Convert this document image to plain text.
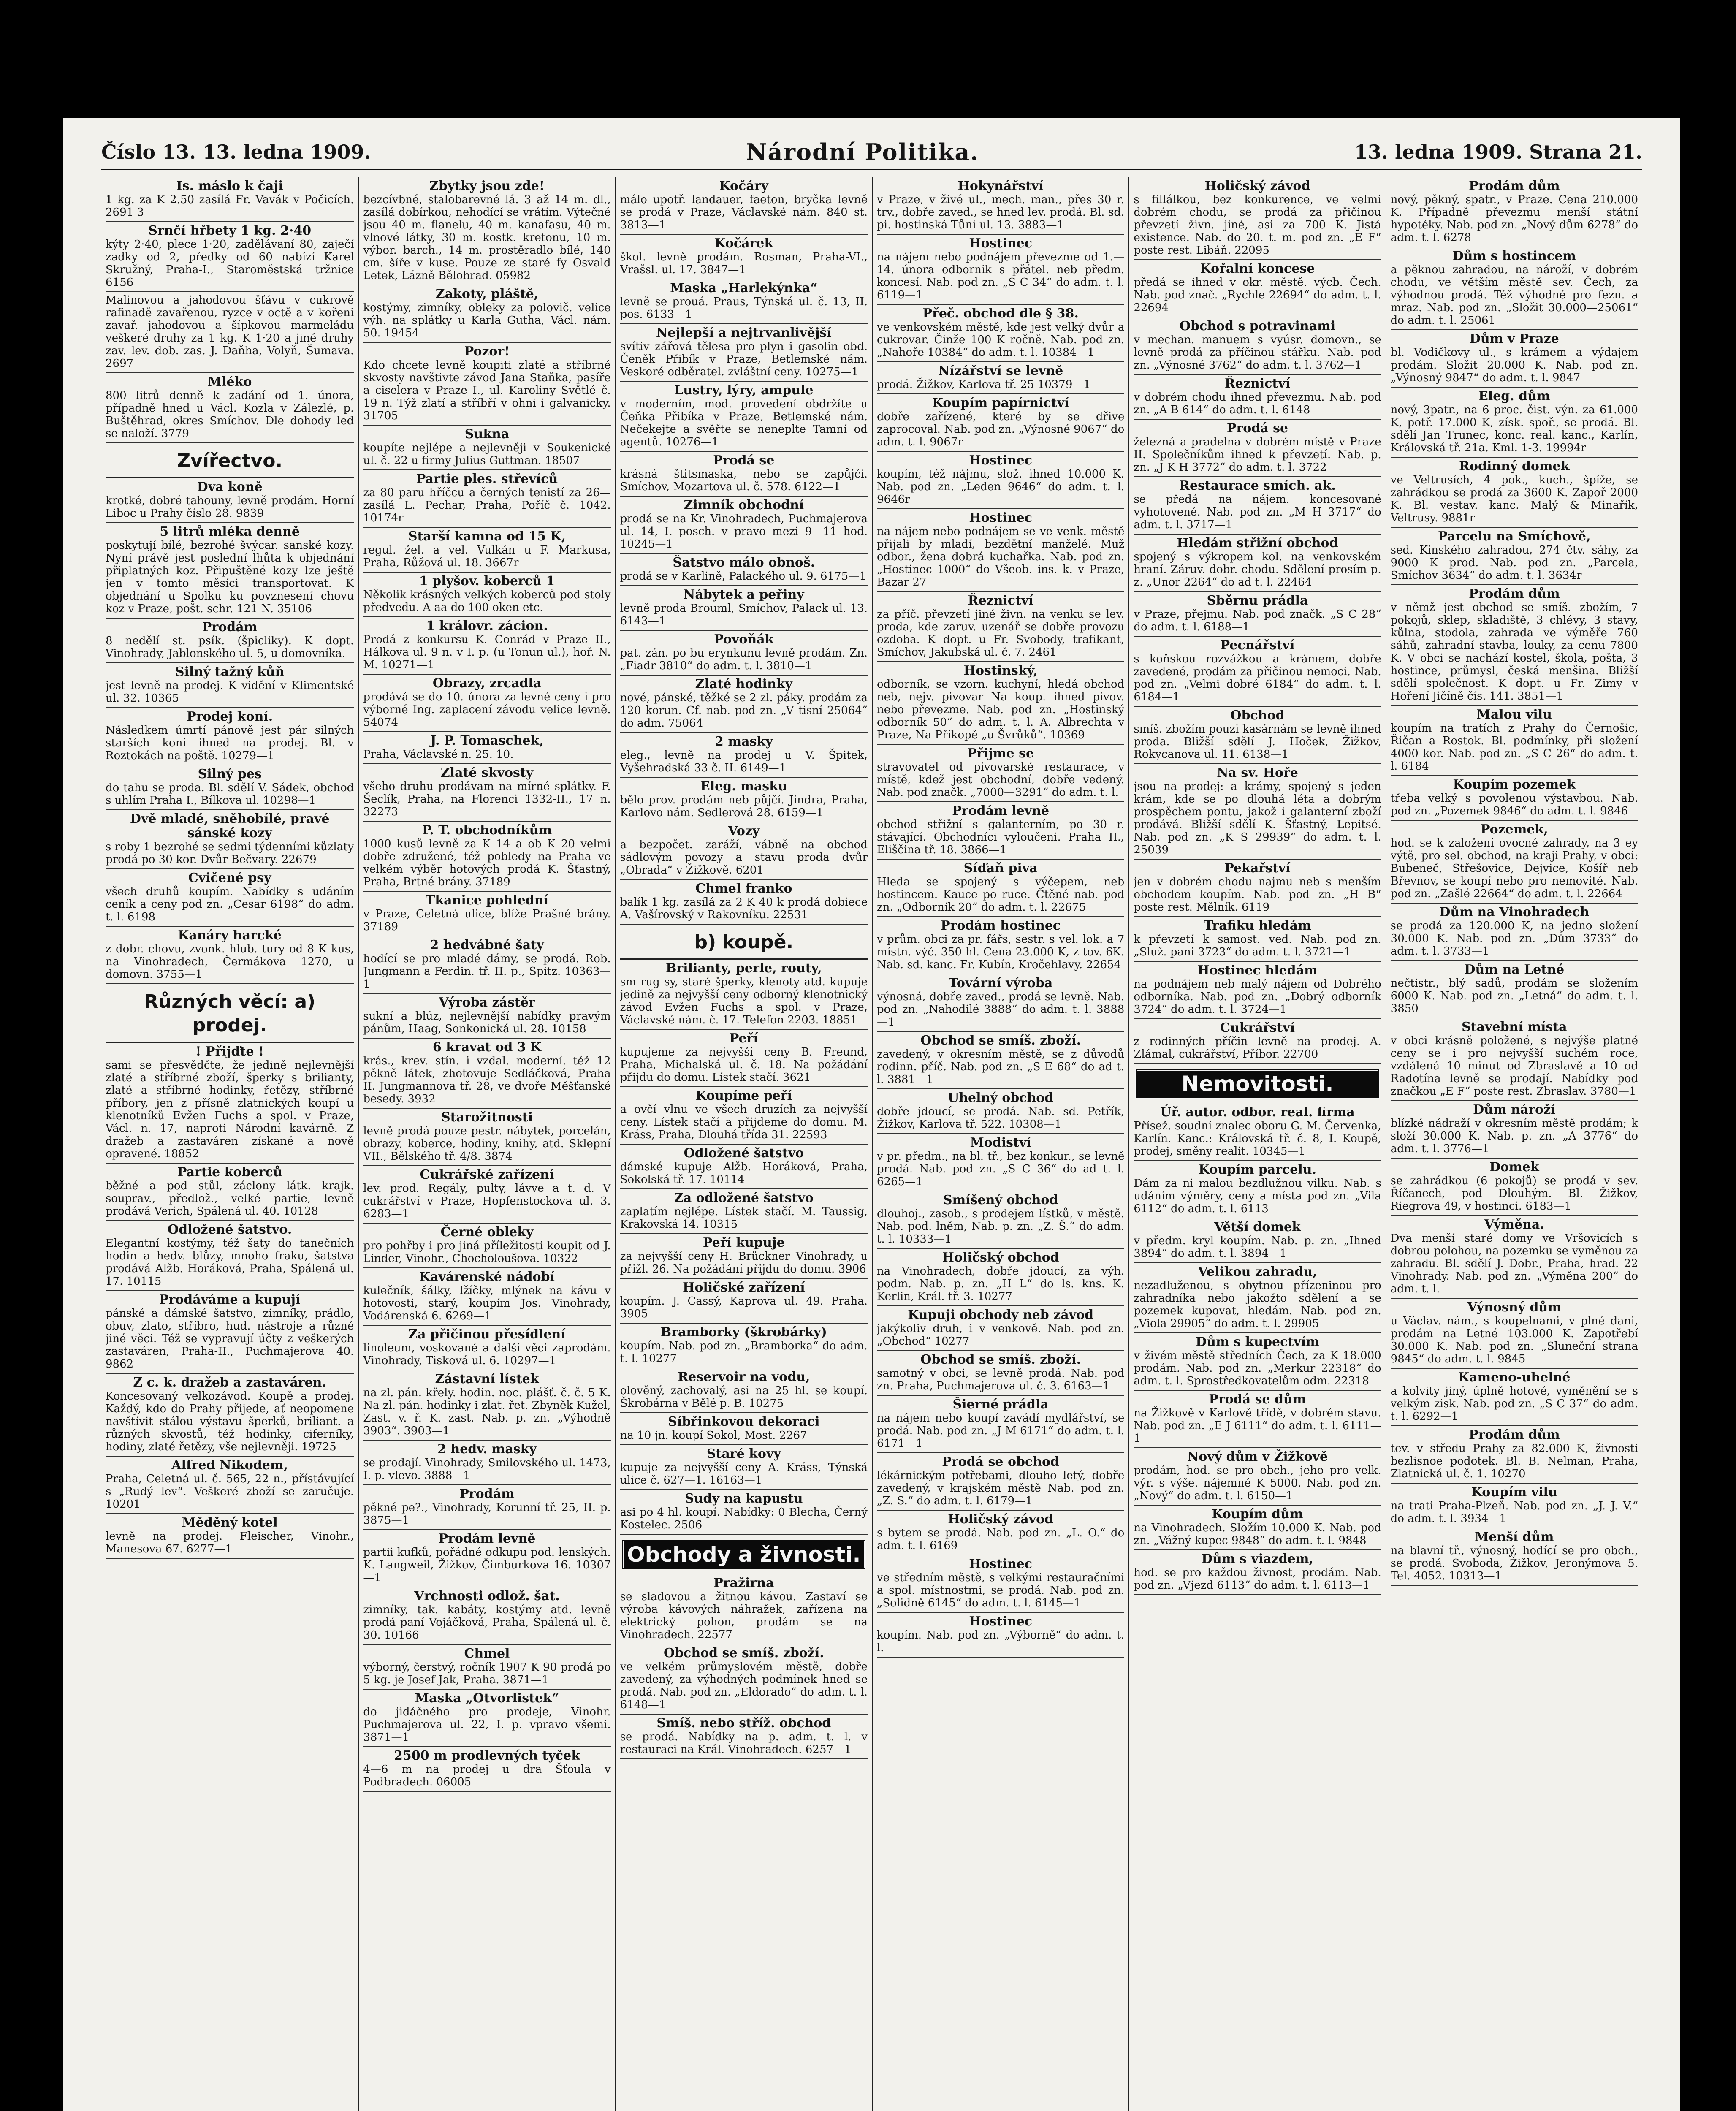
Číslo 13. 13. ledna 1909.	Národní Politika.	13. ledna 1909. Strana 21.
Is. máslo k čaji
1 kg. za K 2.50 zasílá Fr. Vavák v Počicích. 2691 3
Srnčí hřbety 1 kg. 2·40
kýty 2·40, plece 1·20, zadělávaní 80, zaječí zadky od 2, předky od 60 nabízí Karel Skružný, Praha-I., Staroměstská tržnice 6156
Malinovou a jahodovou šťávu v cukrově rafinadě zavařenou, ryzce v octě a v kořeni zavař. jahodovou a šípkovou marmeládu veškeré druhy za 1 kg. K 1·20 a jiné druhy zav. lev. dob. zas. J. Daňha, Volyň, Šumava. 2697
Mléko
800 litrů denně k zadání od 1. února, případně hned u Václ. Kozla v Zálezlé, p. Buštěhrad, okres Smíchov. Dle dohody led se naloží. 3779
Zvířectvo.
Dva koně
krotké, dobré tahouny, levně prodám. Horní Liboc u Prahy číslo 28. 9839
5 litrů mléka denně
poskytují bílé, bezrohé švýcar. sanské kozy. Nyní právě jest poslední lhůta k objednání připlatných koz. Připuštěné kozy lze ještě jen v tomto měsíci transportovat. K objednání u Spolku ku povznesení chovu koz v Praze, pošt. schr. 121 N. 35106
Prodám
8 nedělí st. psík. (špicliky). K dopt. Vinohrady, Jablonského ul. 5, u domovníka.
Silný tažný kůň
jest levně na prodej. K vidění v Klimentské ul. 32. 10365
Prodej koní.
Následkem úmrtí pánově jest pár silných starších koní ihned na prodej. Bl. v Roztokách na poště. 10279—1
Silný pes
do tahu se proda. Bl. sdělí V. Sádek, obchod s uhlím Praha I., Bílkova ul. 10298—1
Dvě mladé, sněhobílé, pravé sánské kozy
s roby 1 bezrohé se sedmi týdenními kůzlaty prodá po 30 kor. Dvůr Bečvary. 22679
Cvičené psy
všech druhů koupím. Nabídky s udáním ceník a ceny pod zn. „Cesar 6198“ do adm. t. l. 6198
Kanáry harcké
z dobr. chovu, zvonk. hlub. tury od 8 K kus, na Vinohradech, Čermákova 1270, u domovn. 3755—1
Různých věcí: a) prodej.
! Přijďte !
sami se přesvědčte, že jedině nejlevnější zlaté a stříbrné zboží, šperky s brilianty, zlaté a stříbrné hodinky, řetězy, stříbrné příbory, jen z přísně zlatnických koupí u klenotníků Evžen Fuchs a spol. v Praze, Václ. n. 17, naproti Národní kavárně. Z dražeb a zastaváren získané a nově opravené. 18852
Partie koberců
běžné a pod stůl, záclony látk. krajk. souprav., předlož., velké partie, levně prodává Verich, Spálená ul. 40. 10128
Odložené šatstvo.
Elegantní kostýmy, též šaty do tanečních hodin a hedv. blůzy, mnoho fraku, šatstva prodává Alžb. Horáková, Praha, Spálená ul. 17. 10115
Prodáváme a kupují
pánské a dámské šatstvo, zimníky, prádlo, obuv, zlato, stříbro, hud. nástroje a různé jiné věci. Též se vypravují účty z veškerých zastaváren, Praha-II., Puchmajerova 40. 9862
Z c. k. dražeb a zastaváren.
Koncesovaný velkozávod. Koupě a prodej. Každý, kdo do Prahy přijede, ať neopomene navštívit stálou výstavu šperků, briliant. a různých skvostů, též hodinky, ciferníky, hodiny, zlaté řetězy, vše nejlevněji. 19725
Alfred Nikodem,
Praha, Celetná ul. č. 565, 22 n., přístávující s „Rudý lev“. Veškeré zboží se zaručuje. 10201
Měděný kotel
levně na prodej. Fleischer, Vinohr., Manesova 67. 6277—1
Zbytky jsou zde!
bezcívbné, stalobarevné lá. 3 až 14 m. dl., zasílá dobírkou, nehodící se vrátím. Výtečné jsou 40 m. flanelu, 40 m. kanafasu, 40 m. vlnové látky, 30 m. kostk. kretonu, 10 m. výbor. barch., 14 m. prostěradlo bílé, 140 cm. šíře v kuse. Pouze ze staré fy Osvald Letek, Lázně Bělohrad. 05982
Zakoty, pláště,
kostýmy, zimníky, obleky za polovič. velice výh. na splátky u Karla Gutha, Václ. nám. 50. 19454
Pozor!
Kdo chcete levně koupiti zlaté a stříbrné skvosty navštivte závod Jana Staňka, pasíře a ciselera v Praze I., ul. Karoliny Světlé č. 19 n. Týž zlatí a stříbří v ohni i galvanicky. 31705
Sukna
koupíte nejlépe a nejlevněji v Soukenické ul. č. 22 u firmy Julius Guttman. 18507
Partie ples. střevíců
za 80 paru hříčcu a černých tenistí za 26— zasílá L. Pechar, Praha, Poříč č. 1042. 10174r
Starší kamna od 15 K,
regul. žel. a vel. Vulkán u F. Markusa, Praha, Růžová ul. 18. 3667r
1 plyšov. koberců 1
Několik krásných velkých koberců pod stoly předvedu. A aa do 100 oken etc.
1 královr. zácion.
Prodá z konkursu K. Conrád v Praze II., Hálkova ul. 9 n. v I. p. (u Tonun ul.), hoř. N. M. 10271—1
Obrazy, zrcadla
prodává se do 10. února za levné ceny i pro výborné Ing. zaplacení závodu velice levně. 54074
J. P. Tomaschek,
Praha, Václavské n. 25. 10.
Zlaté skvosty
všeho druhu prodávam na mírné splátky. F. Šeclík, Praha, na Florenci 1332-II., 17 n. 32273
P. T. obchodníkům
1000 kusů levně za K 14 a ob K 20 velmi dobře združené, též pobledy na Praha ve velkém výběr hotových prodá K. Šťastný, Praha, Brtné brány. 37189
Tkanice pohlední
v Praze, Celetná ulice, blíže Prašné brány. 37189
2 hedvábné šaty
hodící se pro mladé dámy, se prodá. Rob. Jungmann a Ferdin. tř. II. p., Spitz. 10363—1
Výroba zástěr
sukní a blúz, nejlevnější nabídky pravým pánům, Haag, Sonkonická ul. 28. 10158
6 kravat od 3 K
krás., krev. stín. i vzdal. moderní. též 12 pěkně látek, zhotovuje Sedláčková, Praha II. Jungmannova tř. 28, ve dvoře Měšťanské besedy. 3932
Starožitnosti
levně prodá pouze pestr. nábytek, porcelán, obrazy, koberce, hodiny, knihy, atd. Sklepní VII., Bělského tř. 4/8. 3874
Cukrářské zařízení
lev. prod. Regály, pulty, lávve a t. d. V cukrářství v Praze, Hopfenstockova ul. 3. 6283—1
Černé obleky
pro pohřby i pro jiná příležitosti koupit od J. Linder, Vinohr., Chocholoušova. 10322
Kavárenské nádobí
kulečník, šálky, lžíčky, mlýnek na kávu v hotovosti, starý, koupím Jos. Vinohrady, Vodárenská 6. 6269—1
Za přičinou přesídlení
linoleum, voskované a další věci zaprodám. Vinohrady, Tisková ul. 6. 10297—1
Zástavní lístek
na zl. pán. křely. hodin. noc. plášť. č. č. 5 K. Na zl. pán. hodinky i zlat. řet. Zbyněk Kužel, Zast. v. ř. K. zast. Nab. p. zn. „Výhodně 3903“. 3903—1
2 hedv. masky
se prodají. Vinohrady, Smilovského ul. 1473, I. p. vlevo. 3888—1
Prodám
pěkné pe?., Vinohrady, Korunní tř. 25, II. p. 3875—1
Prodám levně
partii kufků, pořádné odkupu pod. lenských. K. Langweil, Žižkov, Čimburkova 16. 10307—1
Vrchnosti odlož. šat.
zimníky, tak. kabáty, kostýmy atd. levně prodá paní Vojáčková, Praha, Spálená ul. č. 30. 10166
Chmel
výborný, čerstvý, ročník 1907 K 90 prodá po 5 kg. je Josef Jak, Praha. 3871—1
Maska „Otvorlistek“
do jidáčného pro prodeje, Vinohr. Puchmajerova ul. 22, I. p. vpravo všemi. 3871—1
2500 m prodlevných tyček
4—6 m na prodej u dra Šťoula v Podbradech. 06005
Kočáry
málo upotř. landauer, faeton, bryčka levně se prodá v Praze, Václavské nám. 840 st. 3813—1
Kočárek
škol. levně prodám. Rosman, Praha-VI., Vrašsl. ul. 17. 3847—1
Maska „Harlekýnka“
levně se prouá. Praus, Týnská ul. č. 13, II. pos. 6133—1
Nejlepší a nejtrvanlivější
svítiv zářová tělesa pro plyn i gasolin obd. Čeněk Přibík v Praze, Betlemské nám. Veskoré odběratel. zvláštní ceny. 10275—1
Lustry, lýry, ampule
v moderním, mod. provedení obdržíte u Čeňka Přibíka v Praze, Betlemské nám. Nečekejte a svěřte se neneplte Tamní od agentů. 10276—1
Prodá se
krásná štitsmaska, nebo se zapůjčí. Smíchov, Mozartova ul. č. 578. 6122—1
Zimník obchodní
prodá se na Kr. Vinohradech, Puchmajerova ul. 14, I. posch. v pravo mezi 9—11 hod. 10245—1
Šatstvo málo obnoš.
prodá se v Karlině, Palackého ul. 9. 6175—1
Nábytek a peřiny
levně proda Brouml, Smíchov, Palack ul. 13. 6143—1
Povoňák
pat. zán. po bu erynkunu levně prodám. Zn. „Fiadr 3810“ do adm. t. l. 3810—1
Zlaté hodinky
nové, pánské, těžké se 2 zl. páky. prodám za 120 korun. Cf. nab. pod zn. „V tisní 25064“ do adm. 75064
2 masky
eleg., levně na prodej u V. Špitek, Vyšehradská 33 č. II. 6149—1
Eleg. masku
bělo prov. prodám neb půjčí. Jindra, Praha, Karlovo nám. Sedlerová 28. 6159—1
Vozy
a bezpočet. zaráží, vábně na obchod sádlovým povozy a stavu proda dvůr „Obrada“ v Žižkově. 6201
Chmel franko
balík 1 kg. zasílá za 2 K 40 k prodá dobiece A. Vašírovský v Rakovníku. 22531
b) koupě.
Brilianty, perle, routy,
sm rug sy, staré šperky, klenoty atd. kupuje jedině za nejvyšší ceny odborný klenotnický závod Evžen Fuchs a spol. v Praze, Václavské nám. č. 17. Telefon 2203. 18851
Peří
kupujeme za nejvyšší ceny B. Freund, Praha, Michalská ul. č. 18. Na požádání přijdu do domu. Lístek stačí. 3621
Koupíme peří
a ovčí vlnu ve všech druzích za nejvyšší ceny. Lístek stačí a přijdeme do domu. M. Kráss, Praha, Dlouhá třída 31. 22593
Odložené šatstvo
dámské kupuje Alžb. Horáková, Praha, Sokolská tř. 17. 10114
Za odložené šatstvo
zaplatím nejlépe. Lístek stačí. M. Taussig, Krakovská 14. 10315
Peří kupuje
za nejvyšší ceny H. Brückner Vinohrady, u přižl. 26. Na požádání přijdu do domu. 3906
Holičské zařízení
koupím. J. Cassý, Kaprova ul. 49. Praha. 3905
Bramborky (škrobárky)
koupím. Nab. pod zn. „Bramborka“ do adm. t. l. 10277
Reservoir na vodu,
olověný, zachovalý, asi na 25 hl. se koupí. Škrobárna v Bělé p. B. 10275
Síbřinkovou dekoraci
na 10 jn. koupí Sokol, Most. 2267
Staré kovy
kupuje za nejvyšší ceny A. Kráss, Týnská ulice č. 627—1. 16163—1
Sudy na kapustu
asi po 4 hl. koupí. Nabídky: 0 Blecha, Černý Kostelec. 2506
Obchody a živnosti.
Pražirna
se sladovou a žitnou kávou. Zastaví se výroba kávových náhražek, zařízena na elektrický pohon, prodám se na Vinohradech. 22577
Obchod se smíš. zboží.
ve velkém průmyslovém městě, dobře zavedený, za výhodných podmínek hned se prodá. Nab. pod zn. „Eldorado“ do adm. t. l. 6148—1
Smíš. nebo stříž. obchod
se prodá. Nabídky na p. adm. t. l. v restauraci na Král. Vinohradech. 6257—1
Hokynářství
v Praze, v živé ul., mech. man., přes 30 r. trv., dobře zaved., se hned lev. prodá. Bl. sd. pi. hostinská Tůni ul. 13. 3883—1
Hostinec
na nájem nebo podnájem převezme od 1.—14. února odbornik s přátel. neb předm. koncesí. Nab. pod zn. „S C 34“ do adm. t. l. 6119—1
Přeč. obchod dle § 38.
ve venkovském městě, kde jest velký dvůr a cukrovar. Činže 100 K ročně. Nab. pod zn. „Nahoře 10384“ do adm. t. l. 10384—1
Nízářství se levně
prodá. Žižkov, Karlova tř. 25 10379—1
Koupím papírnictví
dobře zařízené, které by se dřive zaprocoval. Nab. pod zn. „Výnosné 9067“ do adm. t. l. 9067r
Hostinec
koupím, též nájmu, slož. ihned 10.000 K. Nab. pod zn. „Leden 9646“ do adm. t. l. 9646r
Hostinec
na nájem nebo podnájem se ve venk. městě přijali by mladí, bezdětní manželé. Muž odbor., žena dobrá kuchařka. Nab. pod zn. „Hostinec 1000“ do Všeob. ins. k. v Praze, Bazar 27
Řeznictví
za příč. převzetí jiné živn. na venku se lev. proda, kde zaruv. uzenář se dobře provozu ozdoba. K dopt. u Fr. Svobody, trafikant, Smíchov, Jakubská ul. č. 7. 2461
Hostinský,
odborník, se vzorn. kuchyní, hledá obchod neb, nejv. pivovar Na koup. ihned pivov. nebo převezme. Nab. pod zn. „Hostinský odborník 50“ do adm. t. l. A. Albrechta v Praze, Na Příkopě „u Švrůků“. 10369
Přijme se
stravovatel od pivovarské restaurace, v místě, kdež jest obchodní, dobře vedený. Nab. pod značk. „7000—3291“ do adm. t. l.
Prodám levně
obchod střižní s galanterním, po 30 r. stávající. Obchodníci vyloučeni. Praha II., Eliščina tř. 18. 3866—1
Síďaň piva
Hleda se spojený s výčepem, neb hostincem. Kauce po ruce. Čtěné nab. pod zn. „Odborník 20“ do adm. t. l. 22675
Prodám hostinec
v prům. obci za pr. fářs, sestr. s vel. lok. a 7 místn. výč. 350 hl. Cena 23.000 K, z tov. 6K. Nab. sd. kanc. Fr. Kubín, Kročehlavy. 22654
Tovární výroba
výnosná, dobře zaved., prodá se levně. Nab. pod zn. „Nahodilé 3888“ do adm. t. l. 3888—1
Obchod se smíš. zboží.
zavedený, v okresním městě, se z důvodů rodinn. příč. Nab. pod zn. „S E 68“ do ad t. l. 3881—1
Uhelný obchod
dobře jdoucí, se prodá. Nab. sd. Petřík, Žižkov, Karlova tř. 522. 10308—1
Modiství
v pr. předm., na bl. tř., bez konkur., se levně prodá. Nab. pod zn. „S C 36“ do ad t. l. 6265—1
Smíšený obchod
dlouhoj., zasob., s prodejem lístků, v městě. Nab. pod. lněm, Nab. p. zn. „Z. Š.“ do adm. t. l. 10333—1
Holičský obchod
na Vinohradech, dobře jdoucí, za výh. podm. Nab. p. zn. „H L“ do ls. kns. K. Kerlin, Král. tř. 3. 10277
Kupuji obchody neb závod
jakýkoliv druh, i v venkově. Nab. pod zn. „Obchod“ 10277
Obchod se smíš. zboží.
samotný v obci, se levně prodá. Nab. pod zn. Praha, Puchmajerova ul. č. 3. 6163—1
Šierné prádla
na nájem nebo koupí zavádí mydlářství, se prodá. Nab. pod zn. „J M 6171“ do adm. t. l. 6171—1
Prodá se obchod
lékárnickým potřebami, dlouho letý, dobře zavedený, v krajském městě Nab. pod zn. „Z. S.“ do adm. t. l. 6179—1
Holičský závod
s bytem se prodá. Nab. pod zn. „L. O.“ do adm. t. l. 6169
Hostinec
ve středním městě, s velkými restauračními a spol. místnostmi, se prodá. Nab. pod zn. „Solidně 6145“ do adm. t. l. 6145—1
Hostinec
koupím. Nab. pod zn. „Výborně“ do adm. t. l.
Holičský závod
s fillálkou, bez konkurence, ve velmi dobrém chodu, se prodá za přičinou převzetí živn. jiné, asi za 700 K. Jistá existence. Nab. do 20. t. m. pod zn. „E F“ poste rest. Libáň. 22095
Kořalní koncese
předá se ihned v okr. městě. výcb. Čech. Nab. pod znač. „Rychle 22694“ do adm. t. l. 22694
Obchod s potravinami
v mechan. manuem s vyúsr. domovn., se levně prodá za příčinou stářku. Nab. pod zn. „Výnosné 3762“ do adm. t. l. 3762—1
Řeznictví
v dobrém chodu ihned převezmu. Nab. pod zn. „A B 614“ do adm. t. l. 6148
Prodá se
železná a pradelna v dobrém místě v Praze II. Společníkům ihned k převzetí. Nab. p. zn. „J K H 3772“ do adm. t. l. 3722
Restaurace smích. ak.
se předá na nájem. koncesované vyhotovené. Nab. pod zn. „M H 3717“ do adm. t. l. 3717—1
Hledám střižní obchod
spojený s výkropem kol. na venkovském hraní. Záruv. dobr. chodu. Sdělení prosím p. z. „Unor 2264“ do ad t. l. 22464
Sběrnu prádla
v Praze, přejmu. Nab. pod značk. „S C 28“ do adm. t. l. 6188—1
Pecnářství
s koňskou rozvážkou a krámem, dobře zavedené, prodám za přičinou nemoci. Nab. pod zn. „Velmi dobré 6184“ do adm. t. l. 6184—1
Obchod
smíš. zbožím pouzi kasárnám se levně ihned proda. Bližší sdělí J. Hoček, Žižkov, Rokycanova ul. 11. 6138—1
Na sv. Hoře
jsou na prodej: a krámy, spojený s jeden krám, kde se po dlouhá léta a dobrým prospěchem pontu, jakož i galanterní zboží prodává. Bližší sdělí K. Šťastný, Lepitsé. Nab. pod zn. „K S 29939“ do adm. t. l. 25039
Pekařství
jen v dobrém chodu najmu neb s menším obchodem koupím. Nab. pod zn. „H B“ poste rest. Mělník. 6119
Trafiku hledám
k převzetí k samost. ved. Nab. pod zn. „Služ. pani 3723“ do adm. t. l. 3721—1
Hostinec hledám
na podnájem neb malý nájem od Dobrého odborníka. Nab. pod zn. „Dobrý odborník 3724“ do adm. t. l. 3724—1
Cukrářství
z rodinných příčin levně na prodej. A. Zlámal, cukrářství, Příbor. 22700
Nemovitosti.
Úř. autor. odbor. real. firma
Přísež. soudní znalec oboru G. M. Červenka, Karlín. Kanc.: Královská tř. č. 8, I. Koupě, prodej, směny realit. 10345—1
Koupím parcelu.
Dám za ni malou bezdlužnou vilku. Nab. s udáním výměry, ceny a místa pod zn. „Vila 6112“ do adm. t. l. 6113
Větší domek
v předm. kryl koupím. Nab. p. zn. „Ihned 3894“ do adm. t. l. 3894—1
Velikou zahradu,
nezadluženou, s obytnou přízeninou pro zahradníka nebo jakožto sdělení a se pozemek kupovat, hledám. Nab. pod zn. „Viola 29905“ do adm. t. l. 29905
Dům s kupectvím
v živém městě středních Čech, za K 18.000 prodám. Nab. pod zn. „Merkur 22318“ do adm. t. l. Sprostředkovatelům odm. 22318
Prodá se dům
na Žižkově v Karlově třídě, v dobrém stavu. Nab. pod zn. „E J 6111“ do adm. t. l. 6111—1
Nový dům v Žižkově
prodám, hod. se pro obch., jeho pro velk. výr. s výše. nájemné K 5000. Nab. pod zn. „Nový“ do adm. t. l. 6150—1
Koupím dům
na Vinohradech. Složím 10.000 K. Nab. pod zn. „Vážný kupec 9848“ do adm. t. l. 9848
Dům s viazdem,
hod. se pro každou živnost, prodám. Nab. pod zn. „Vjezd 6113“ do adm. t. l. 6113—1
Prodám dům
nový, pěkný, spatr., v Praze. Cena 210.000 K. Případně převezmu menší státní hypotéky. Nab. pod zn. „Nový dům 6278“ do adm. t. l. 6278
Dům s hostincem
a pěknou zahradou, na nároží, v dobrém chodu, ve větším městě sev. Čech, za výhodnou prodá. Též výhodné pro fezn. a mraz. Nab. pod zn. „Složit 30.000—25061“ do adm. t. l. 25061
Dům v Praze
bl. Vodičkovy ul., s krámem a výdajem prodám. Složit 20.000 K. Nab. pod zn. „Výnosný 9847“ do adm. t. l. 9847
Eleg. dům
nový, 3patr., na 6 proc. čist. výn. za 61.000 K, potř. 17.000 K, získ. spoř., se prodá. Bl. sdělí Jan Trunec, konc. real. kanc., Karlín, Královská tř. 21a. Kml. 1-3. 19994r
Rodinný domek
ve Veltrusích, 4 pok., kuch., špíže, se zahrádkou se prodá za 3600 K. Zapoř 2000 K. Bl. vestav. kanc. Malý & Minařík, Veltrusy. 9881r
Parcelu na Smíchově,
sed. Kinského zahradou, 274 čtv. sáhy, za 9000 K prod. Nab. pod zn. „Parcela, Smíchov 3634“ do adm. t. l. 3634r
Prodám dům
v němž jest obchod se smíš. zbožím, 7 pokojů, sklep, skladiště, 3 chlévy, 3 stavy, kůlna, stodola, zahrada ve výměře 760 sáhů, zahradní stavba, louky, za cenu 7800 K. V obci se nachází kostel, škola, pošta, 3 hostince, průmysl, česká menšina. Bližší sdělí společnost. K dopt. u Fr. Zimy v Hoření Jičíně čís. 141. 3851—1
Malou vilu
koupím na tratích z Prahy do Černošic, Řičan a Rostok. Bl. podmínky, při složení 4000 kor. Nab. pod zn. „S C 26“ do adm. t. l. 6184
Koupím pozemek
třeba velký s povolenou výstavbou. Nab. pod zn. „Pozemek 9846“ do adm. t. l. 9846
Pozemek,
hod. se k založení ovocné zahrady, na 3 ey výtě, pro sel. obchod, na kraji Prahy, v obci: Bubeneč, Střešovice, Dejvice, Košíř neb Břevnov, se koupí nebo pro nemovité. Nab. pod zn. „Zašlé 22664“ do adm. t. l. 22664
Dům na Vinohradech
se prodá za 120.000 K, na jedno složení 30.000 K. Nab. pod zn. „Dům 3733“ do adm. t. l. 3733—1
Dům na Letné
nečtistr., blý sadů, prodám se složením 6000 K. Nab. pod zn. „Letná“ do adm. t. l. 3850
Stavební místa
v obci krásně položené, s nejvýše platné ceny se i pro nejvyšší suchém roce, vzdálená 10 minut od Zbraslavě a 10 od Radotína levně se prodají. Nabídky pod značkou „E F“ poste rest. Zbraslav. 3780—1
Dům nároží
blízké nádraží v okresním městě prodám; k složí 30.000 K. Nab. p. zn. „A 3776“ do adm. t. l. 3776—1
Domek
se zahrádkou (6 pokojů) se prodá v sev. Říčanech, pod Dlouhým. Bl. Žižkov, Riegrova 49, v hostinci. 6183—1
Výměna.
Dva menší staré domy ve Vršovicích s dobrou polohou, na pozemku se vyměnou za zahradu. Bl. sdělí J. Dobr., Praha, hrad. 22 Vinohrady. Nab. pod zn. „Výměna 200“ do adm. t. l.
Výnosný dům
u Václav. nám., s koupelnami, v plné dani, prodám na Letné 103.000 K. Zapotřebí 30.000 K. Nab. pod zn. „Sluneční strana 9845“ do adm. t. l. 9845
Kameno-uhelné
a kolvity jiný, úplně hotové, vyměnění se s velkým zisk. Nab. pod zn. „S C 37“ do adm. t. l. 6292—1
Prodám dům
tev. v středu Prahy za 82.000 K, živnosti bezlisnoe podotek. Bl. B. Nelman, Praha, Zlatnická ul. č. 1. 10270
Koupím vilu
na trati Praha-Plzeň. Nab. pod zn. „J. J. V.“ do adm. t. l. 3934—1
Menší dům
na blavní tř., výnosný, hodící se pro obch., se prodá. Svoboda, Žižkov, Jeronýmova 5. Tel. 4052. 10313—1
